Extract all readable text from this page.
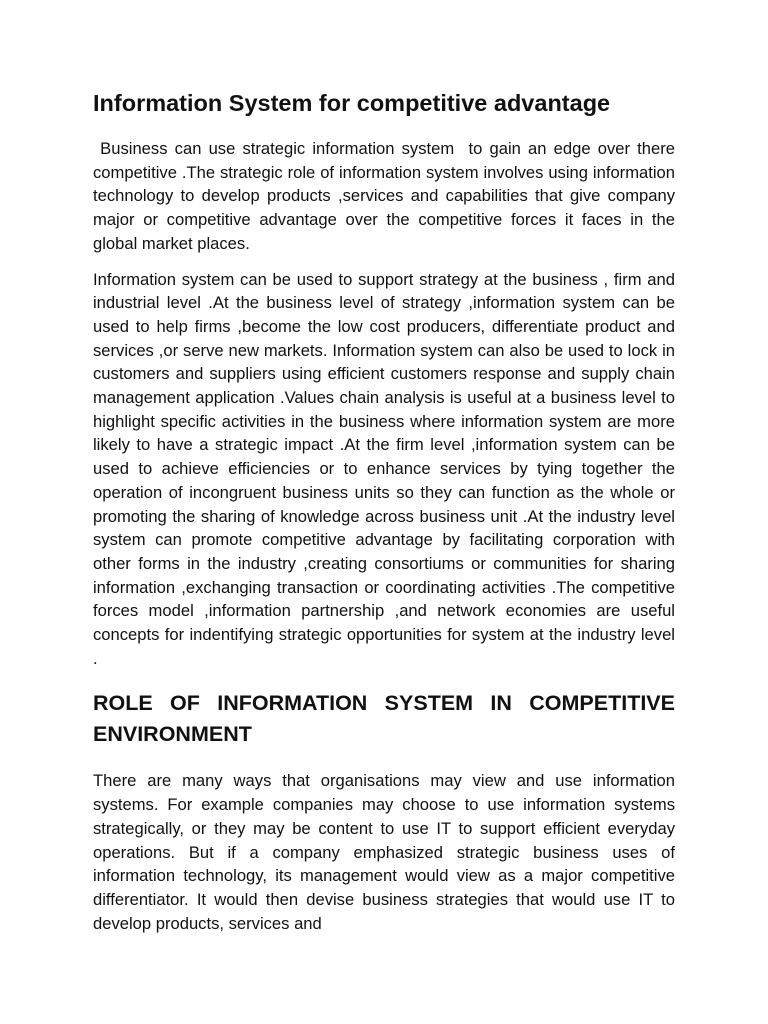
Information System for competitive advantage

Business can use strategic information system  to gain an edge over there competitive .The strategic role of information system involves using information technology to develop products ,services and capabilities that give company major or competitive advantage over the competitive forces it faces in the global market places.

Information system can be used to support strategy at the business , firm and industrial level .At the business level of strategy ,information system can be used to help firms ,become the low cost producers, differentiate product and services ,or serve new markets. Information system can also be used to lock in customers and suppliers using efficient customers response and supply chain management application .Values chain analysis is useful at a business level to highlight specific activities in the business where information system are more likely to have a strategic impact .At the firm level ,information system can be used to achieve efficiencies or to enhance services by tying together the operation of incongruent business units so they can function as the whole or promoting the sharing of knowledge across business unit .At the industry level system can promote competitive advantage by facilitating corporation with other forms in the industry ,creating consortiums or communities for sharing information ,exchanging transaction or coordinating activities .The competitive forces model ,information partnership ,and network economies are useful concepts for indentifying strategic opportunities for system at the industry level .

ROLE OF INFORMATION SYSTEM IN COMPETITIVE ENVIRONMENT

There are many ways that organisations may view and use information systems. For example companies may choose to use information systems strategically, or they may be content to use IT to support efficient everyday operations. But if a company emphasized strategic business uses of information technology, its management would view as a major competitive differentiator. It would then devise business strategies that would use IT to develop products, services and
